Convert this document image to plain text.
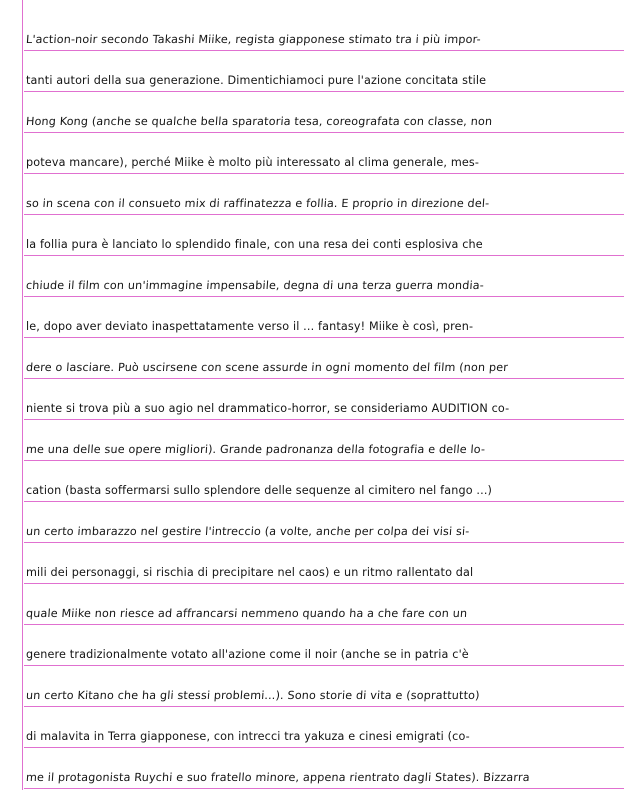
L'action-noir secondo Takashi Miike, regista giapponese stimato tra i più impor-
tanti autori della sua generazione. Dimentichiamoci pure l'azione concitata stile
Hong Kong (anche se qualche bella sparatoria tesa, coreografata con classe, non
poteva mancare), perché Miike è molto più interessato al clima generale, mes-
so in scena con il consueto mix di raffinatezza e follia. E proprio in direzione del-
la follia pura è lanciato lo splendido finale, con una resa dei conti esplosiva che
chiude il film con un'immagine impensabile, degna di una terza guerra mondia-
le, dopo aver deviato inaspettatamente verso il ... fantasy! Miike è così, pren-
dere o lasciare. Può uscirsene con scene assurde in ogni momento del film (non per
niente si trova più a suo agio nel drammatico-horror, se consideriamo AUDITION co-
me una delle sue opere migliori). Grande padronanza della fotografia e delle lo-
cation (basta soffermarsi sullo splendore delle sequenze al cimitero nel fango ...)
un certo imbarazzo nel gestire l'intreccio (a volte, anche per colpa dei visi si-
mili dei personaggi, si rischia di precipitare nel caos) e un ritmo rallentato dal
quale Miike non riesce ad affrancarsi nemmeno quando ha a che fare con un
genere tradizionalmente votato all'azione come il noir (anche se in patria c'è
un certo Kitano che ha gli stessi problemi...). Sono storie di vita e (soprattutto)
di malavita in Terra giapponese, con intrecci tra yakuza e cinesi emigrati (co-
me il protagonista Ruychi e suo fratello minore, appena rientrato dagli States). Bizzarra
